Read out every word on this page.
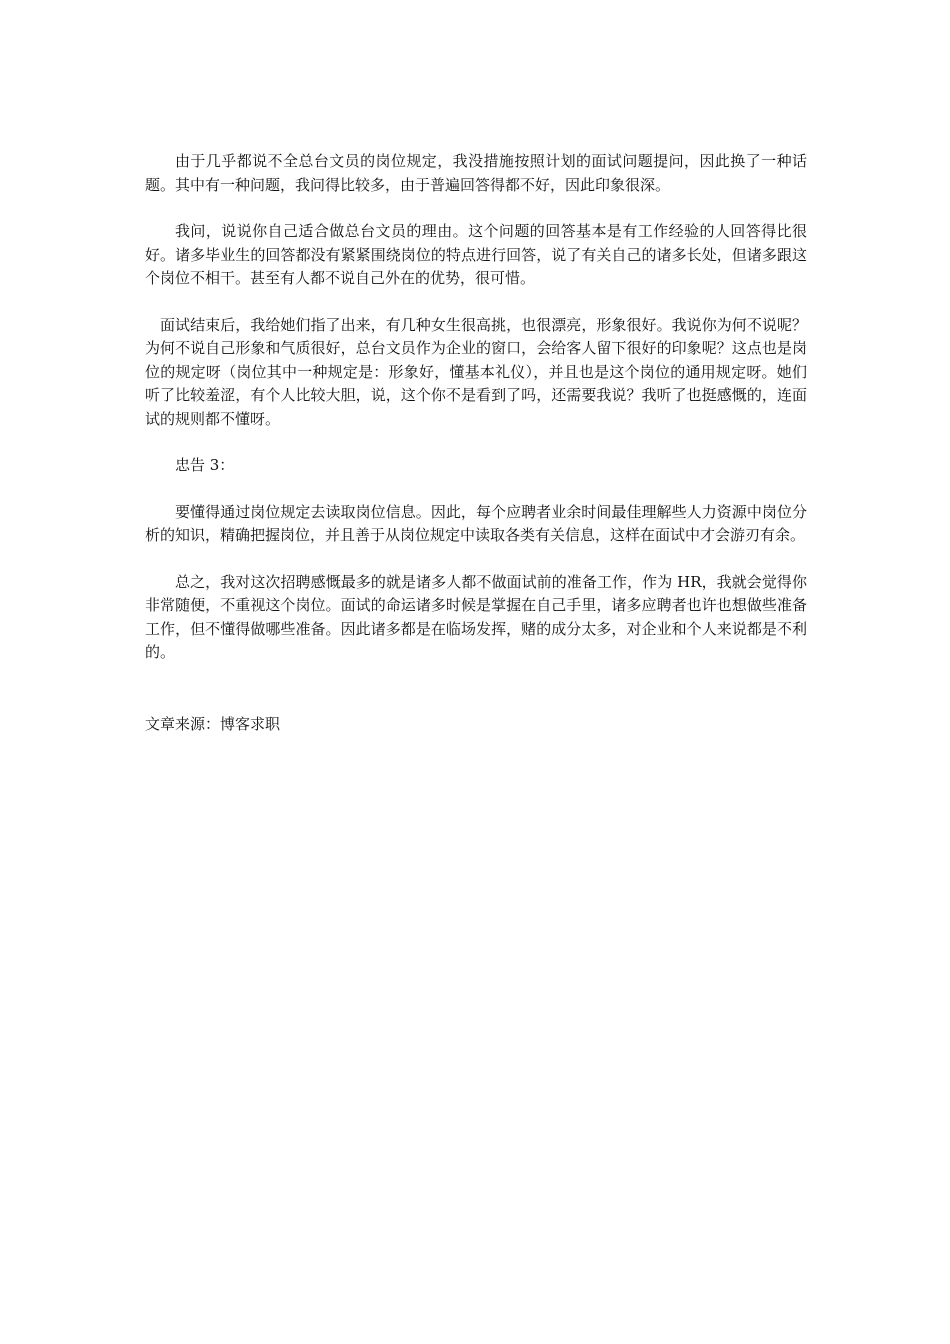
由于几乎都说不全总台文员的岗位规定，我没措施按照计划的面试问题提问，因此换了一种话题。其中有一种问题，我问得比较多，由于普遍回答得都不好，因此印象很深。

我问，说说你自己适合做总台文员的理由。这个问题的回答基本是有工作经验的人回答得比很好。诸多毕业生的回答都没有紧紧围绕岗位的特点进行回答，说了有关自己的诸多长处，但诸多跟这个岗位不相干。甚至有人都不说自己外在的优势，很可惜。

面试结束后，我给她们指了出来，有几种女生很高挑，也很漂亮，形象很好。我说你为何不说呢？为何不说自己形象和气质很好，总台文员作为企业的窗口，会给客人留下很好的印象呢？这点也是岗位的规定呀（岗位其中一种规定是：形象好，懂基本礼仪），并且也是这个岗位的通用规定呀。她们听了比较羞涩，有个人比较大胆，说，这个你不是看到了吗，还需要我说？我听了也挺感慨的，连面试的规则都不懂呀。

忠告 3：

要懂得通过岗位规定去读取岗位信息。因此，每个应聘者业余时间最佳理解些人力资源中岗位分析的知识，精确把握岗位，并且善于从岗位规定中读取各类有关信息，这样在面试中才会游刃有余。

总之，我对这次招聘感慨最多的就是诸多人都不做面试前的准备工作，作为 HR，我就会觉得你非常随便，不重视这个岗位。面试的命运诸多时候是掌握在自己手里，诸多应聘者也许也想做些准备工作，但不懂得做哪些准备。因此诸多都是在临场发挥，赌的成分太多，对企业和个人来说都是不利的。

文章来源：博客求职
